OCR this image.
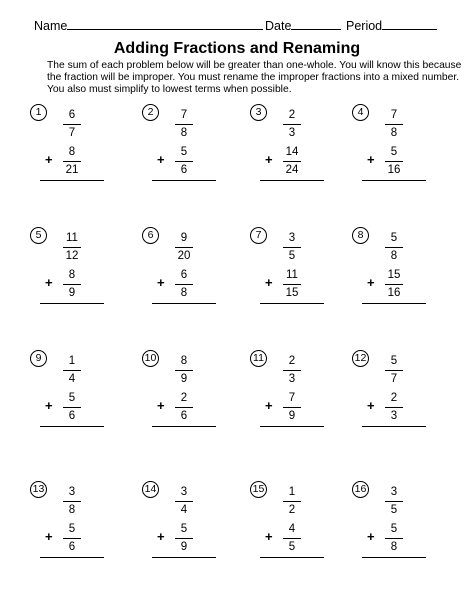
Name	Date	Period
Adding Fractions and Renaming
The sum of each problem below will be greater than one-whole. You will know this because
the fraction will be improper. You must rename the improper fractions into a mixed number.
You also must simplify to lowest terms when possible.
1	6
7
8
21
+
2	7
8
5
6
+
3	2
3
14
24
+
4	7
8
5
16
+
5	11
12
8
9
+
6	9
20
6
8
+
7	3
5
11
15
+
8	5
8
15
16
+
9	1
4
5
6
+
10	8
9
2
6
+
11	2
3
7
9
+
12	5
7
2
3
+
13	3
8
5
6
+
14	3
4
5
9
+
15	1
2
4
5
+
16	3
5
5
8
+
